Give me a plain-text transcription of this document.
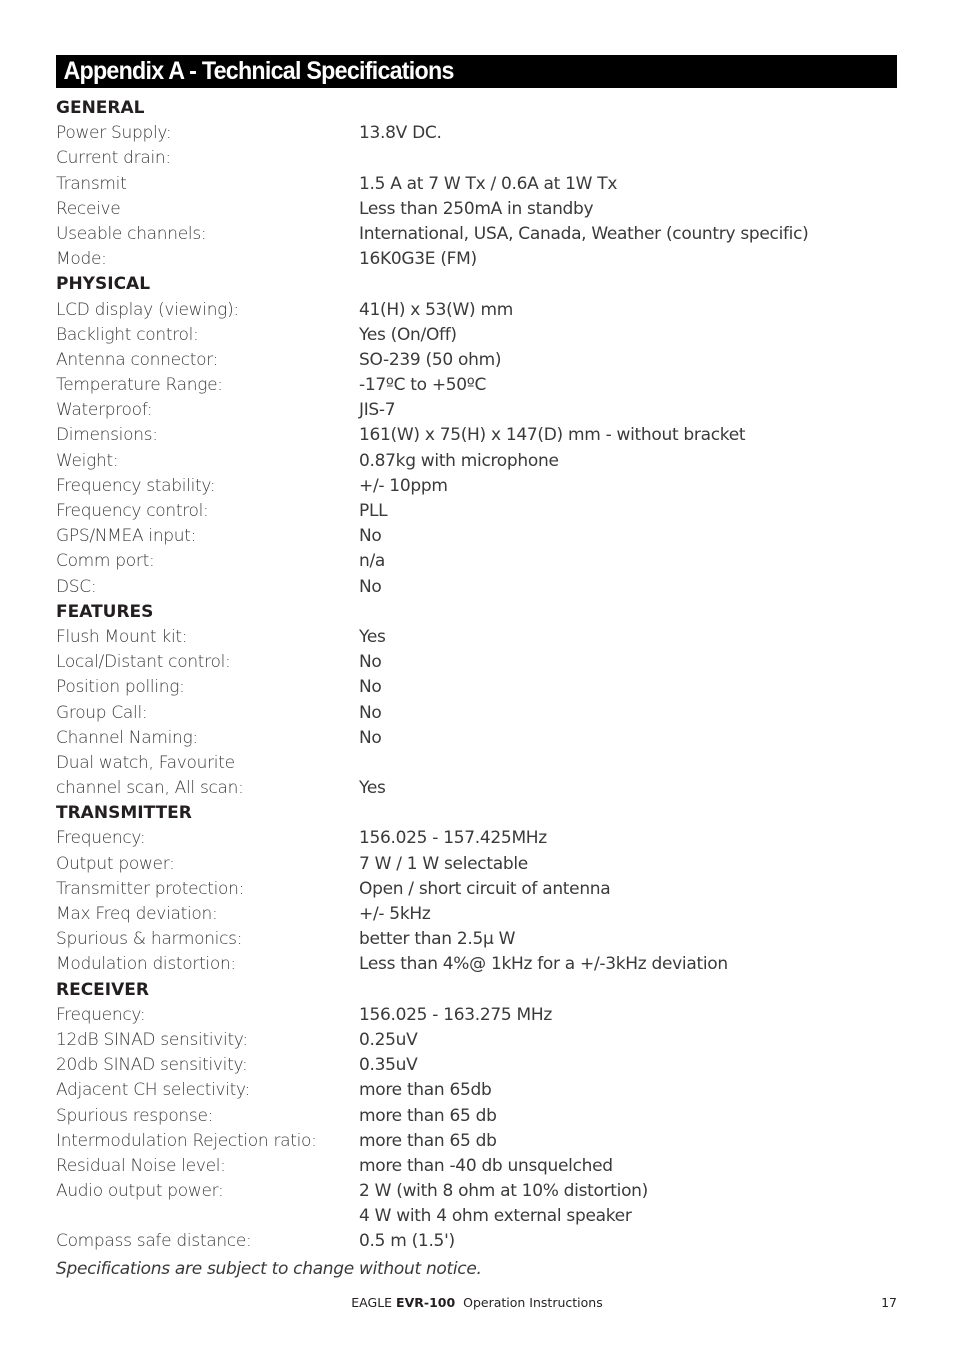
Appendix A - Technical Specifications
GENERAL
Power Supply:	13.8V DC.
Current drain:
Transmit	1.5 A at 7 W Tx / 0.6A at 1W Tx
Receive	Less than 250mA in standby
Useable channels:	International, USA, Canada, Weather (country specific)
Mode:	16K0G3E (FM)
PHYSICAL
LCD display (viewing):	41(H) x 53(W) mm
Backlight control:	Yes (On/Off)
Antenna connector:	SO-239 (50 ohm)
Temperature Range:	-17ºC to +50ºC
Waterproof:	JIS-7
Dimensions:	161(W) x 75(H) x 147(D) mm - without bracket
Weight:	0.87kg with microphone
Frequency stability:	+/- 10ppm
Frequency control:	PLL
GPS/NMEA input:	No
Comm port:	n/a
DSC:	No
FEATURES
Flush Mount kit:	Yes
Local/Distant control:	No
Position polling:	No
Group Call:	No
Channel Naming:	No
Dual watch, Favourite
channel scan, All scan:	Yes
TRANSMITTER
Frequency:	156.025 - 157.425MHz
Output power:	7 W / 1 W selectable
Transmitter protection:	Open / short circuit of antenna
Max Freq deviation:	+/- 5kHz
Spurious & harmonics:	better than 2.5µ W
Modulation distortion:	Less than 4%@ 1kHz for a +/-3kHz deviation
RECEIVER
Frequency:	156.025 - 163.275 MHz
12dB SINAD sensitivity:	0.25uV
20db SINAD sensitivity:	0.35uV
Adjacent CH selectivity:	more than 65db
Spurious response:	more than 65 db
Intermodulation Rejection ratio: more than 65 db
Residual Noise level:	more than -40 db unsquelched
Audio output power:	2 W (with 8 ohm at 10% distortion)
4 W with 4 ohm external speaker
Compass safe distance:	0.5 m (1.5')
Specifications are subject to change without notice.
EAGLE EVR-100 Operation Instructions	17
